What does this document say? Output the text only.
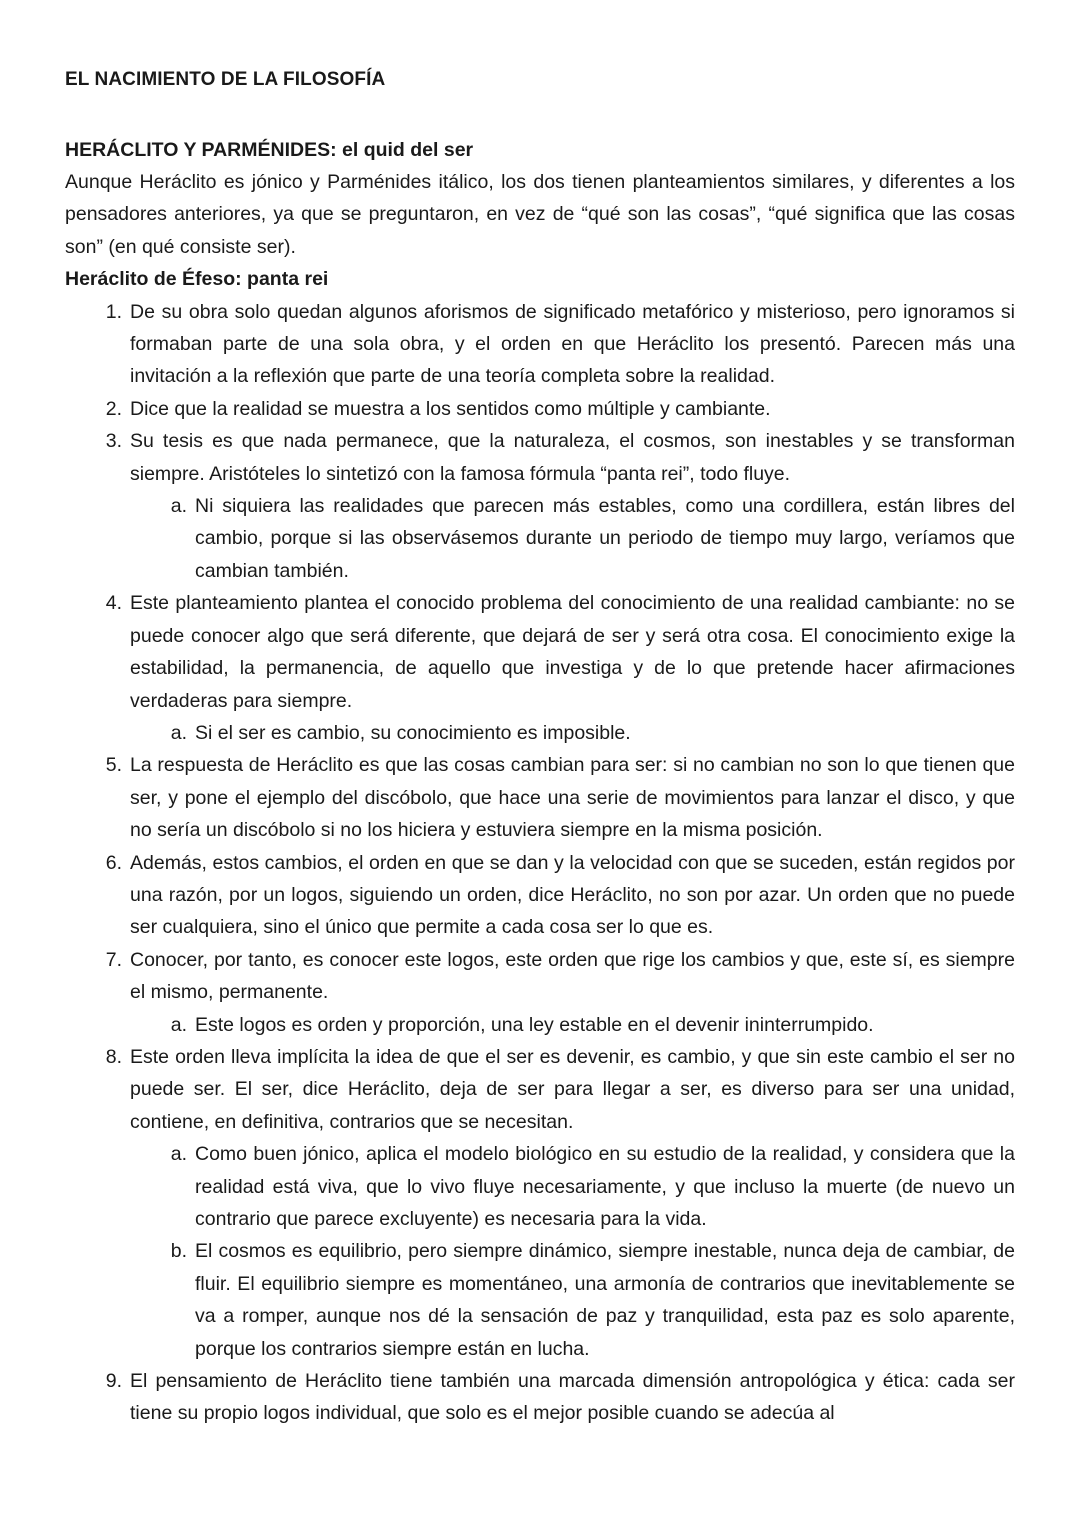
EL NACIMIENTO DE LA FILOSOFÍA
HERÁCLITO Y PARMÉNIDES: el quid del ser

Aunque Heráclito es jónico y Parménides itálico, los dos tienen planteamientos similares, y diferentes a los pensadores anteriores, ya que se preguntaron, en vez de “qué son las cosas”, “qué significa que las cosas son” (en qué consiste ser).

Heráclito de Éfeso: panta rei
1. De su obra solo quedan algunos aforismos de significado metafórico y misterioso, pero ignoramos si formaban parte de una sola obra, y el orden en que Heráclito los presentó. Parecen más una invitación a la reflexión que parte de una teoría completa sobre la realidad.
2. Dice que la realidad se muestra a los sentidos como múltiple y cambiante.
3. Su tesis es que nada permanece, que la naturaleza, el cosmos, son inestables y se transforman siempre. Aristóteles lo sintetizó con la famosa fórmula “panta rei”, todo fluye.
a. Ni siquiera las realidades que parecen más estables, como una cordillera, están libres del cambio, porque si las observásemos durante un periodo de tiempo muy largo, veríamos que cambian también.
4. Este planteamiento plantea el conocido problema del conocimiento de una realidad cambiante: no se puede conocer algo que será diferente, que dejará de ser y será otra cosa. El conocimiento exige la estabilidad, la permanencia, de aquello que investiga y de lo que pretende hacer afirmaciones verdaderas para siempre.
a. Si el ser es cambio, su conocimiento es imposible.
5. La respuesta de Heráclito es que las cosas cambian para ser: si no cambian no son lo que tienen que ser, y pone el ejemplo del discóbolo, que hace una serie de movimientos para lanzar el disco, y que no sería un discóbolo si no los hiciera y estuviera siempre en la misma posición.
6. Además, estos cambios, el orden en que se dan y la velocidad con que se suceden, están regidos por una razón, por un logos, siguiendo un orden, dice Heráclito, no son por azar. Un orden que no puede ser cualquiera, sino el único que permite a cada cosa ser lo que es.
7. Conocer, por tanto, es conocer este logos, este orden que rige los cambios y que, este sí, es siempre el mismo, permanente.
a. Este logos es orden y proporción, una ley estable en el devenir ininterrumpido.
8. Este orden lleva implícita la idea de que el ser es devenir, es cambio, y que sin este cambio el ser no puede ser. El ser, dice Heráclito, deja de ser para llegar a ser, es diverso para ser una unidad, contiene, en definitiva, contrarios que se necesitan.
a. Como buen jónico, aplica el modelo biológico en su estudio de la realidad, y considera que la realidad está viva, que lo vivo fluye necesariamente, y que incluso la muerte (de nuevo un contrario que parece excluyente) es necesaria para la vida.
b. El cosmos es equilibrio, pero siempre dinámico, siempre inestable, nunca deja de cambiar, de fluir. El equilibrio siempre es momentáneo, una armonía de contrarios que inevitablemente se va a romper, aunque nos dé la sensación de paz y tranquilidad, esta paz es solo aparente, porque los contrarios siempre están en lucha.
9. El pensamiento de Heráclito tiene también una marcada dimensión antropológica y ética: cada ser tiene su propio logos individual, que solo es el mejor posible cuando se adecúa al
